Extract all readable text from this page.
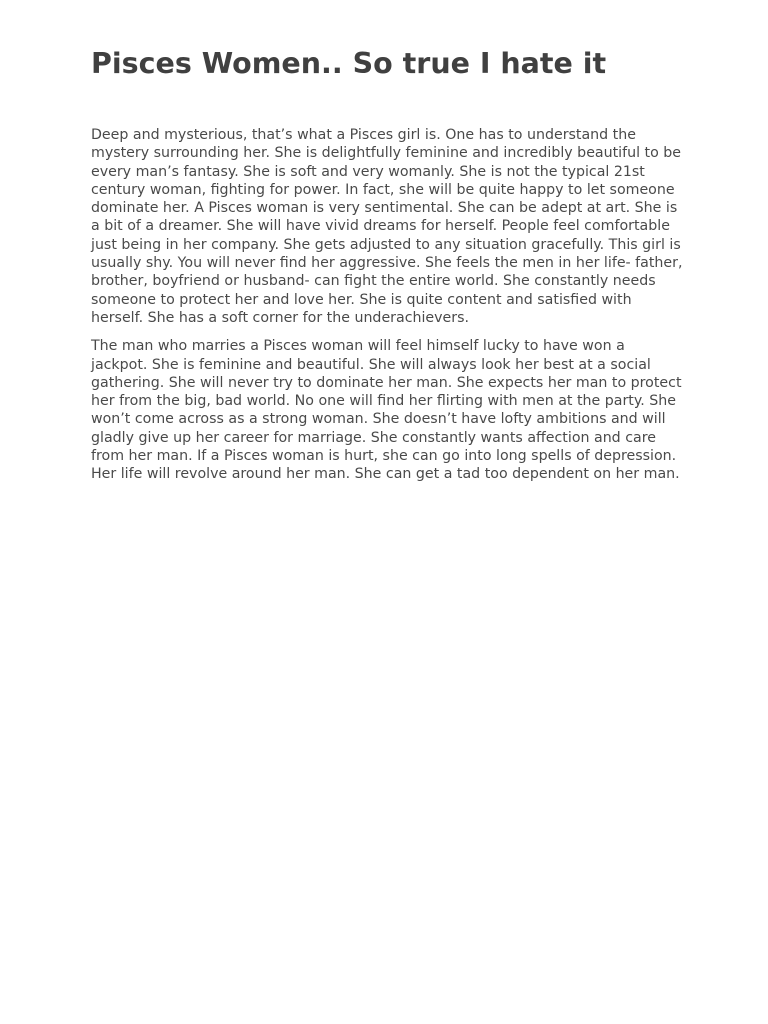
Pisces Women.. So true I hate it

Deep and mysterious, that’s what a Pisces girl is. One has to understand the mystery surrounding her. She is delightfully feminine and incredibly beautiful to be every man’s fantasy. She is soft and very womanly. She is not the typical 21st century woman, fighting for power. In fact, she will be quite happy to let someone dominate her. A Pisces woman is very sentimental. She can be adept at art. She is a bit of a dreamer. She will have vivid dreams for herself. People feel comfortable just being in her company. She gets adjusted to any situation gracefully. This girl is usually shy. You will never find her aggressive. She feels the men in her life- father, brother, boyfriend or husband- can fight the entire world. She constantly needs someone to protect her and love her. She is quite content and satisfied with herself. She has a soft corner for the underachievers.

The man who marries a Pisces woman will feel himself lucky to have won a jackpot. She is feminine and beautiful. She will always look her best at a social gathering. She will never try to dominate her man. She expects her man to protect her from the big, bad world. No one will find her flirting with men at the party. She won’t come across as a strong woman. She doesn’t have lofty ambitions and will gladly give up her career for marriage. She constantly wants affection and care from her man. If a Pisces woman is hurt, she can go into long spells of depression. Her life will revolve around her man. She can get a tad too dependent on her man.
